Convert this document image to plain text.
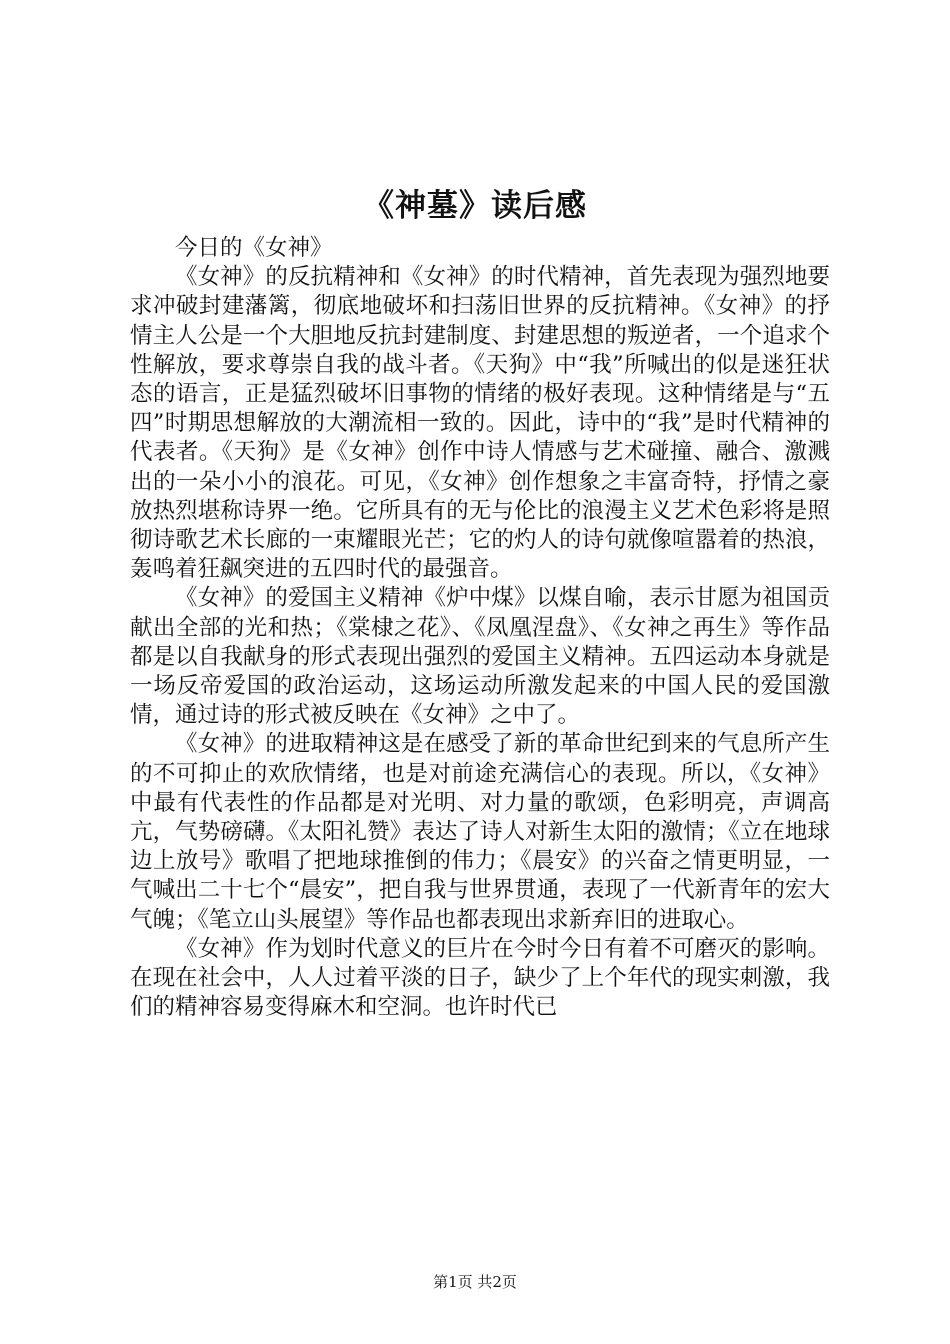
《神墓》读后感

今日的《女神》

《女神》的反抗精神和《女神》的时代精神，首先表现为强烈地要求冲破封建藩篱，彻底地破坏和扫荡旧世界的反抗精神。《女神》的抒情主人公是一个大胆地反抗封建制度、封建思想的叛逆者，一个追求个性解放，要求尊崇自我的战斗者。《天狗》中“我”所喊出的似是迷狂状态的语言，正是猛烈破坏旧事物的情绪的极好表现。这种情绪是与“五四”时期思想解放的大潮流相一致的。因此，诗中的“我”是时代精神的代表者。《天狗》是《女神》创作中诗人情感与艺术碰撞、融合、激溅出的一朵小小的浪花。可见，《女神》创作想象之丰富奇特，抒情之豪放热烈堪称诗界一绝。它所具有的无与伦比的浪漫主义艺术色彩将是照彻诗歌艺术长廊的一束耀眼光芒；它的灼人的诗句就像喧嚣着的热浪，轰鸣着狂飙突进的五四时代的最强音。

《女神》的爱国主义精神《炉中煤》以煤自喻，表示甘愿为祖国贡献出全部的光和热；《棠棣之花》、《凤凰涅盘》、《女神之再生》等作品都是以自我献身的形式表现出强烈的爱国主义精神。五四运动本身就是一场反帝爱国的政治运动，这场运动所激发起来的中国人民的爱国激情，通过诗的形式被反映在《女神》之中了。

《女神》的进取精神这是在感受了新的革命世纪到来的气息所产生的不可抑止的欢欣情绪，也是对前途充满信心的表现。所以，《女神》中最有代表性的作品都是对光明、对力量的歌颂，色彩明亮，声调高亢，气势磅礴。《太阳礼赞》表达了诗人对新生太阳的激情；《立在地球边上放号》歌唱了把地球推倒的伟力；《晨安》的兴奋之情更明显，一气喊出二十七个“晨安”，把自我与世界贯通，表现了一代新青年的宏大气魄；《笔立山头展望》等作品也都表现出求新弃旧的进取心。

《女神》作为划时代意义的巨片在今时今日有着不可磨灭的影响。在现在社会中，人人过着平淡的日子，缺少了上个年代的现实刺激，我们的精神容易变得麻木和空洞。也许时代已

第1页 共2页
